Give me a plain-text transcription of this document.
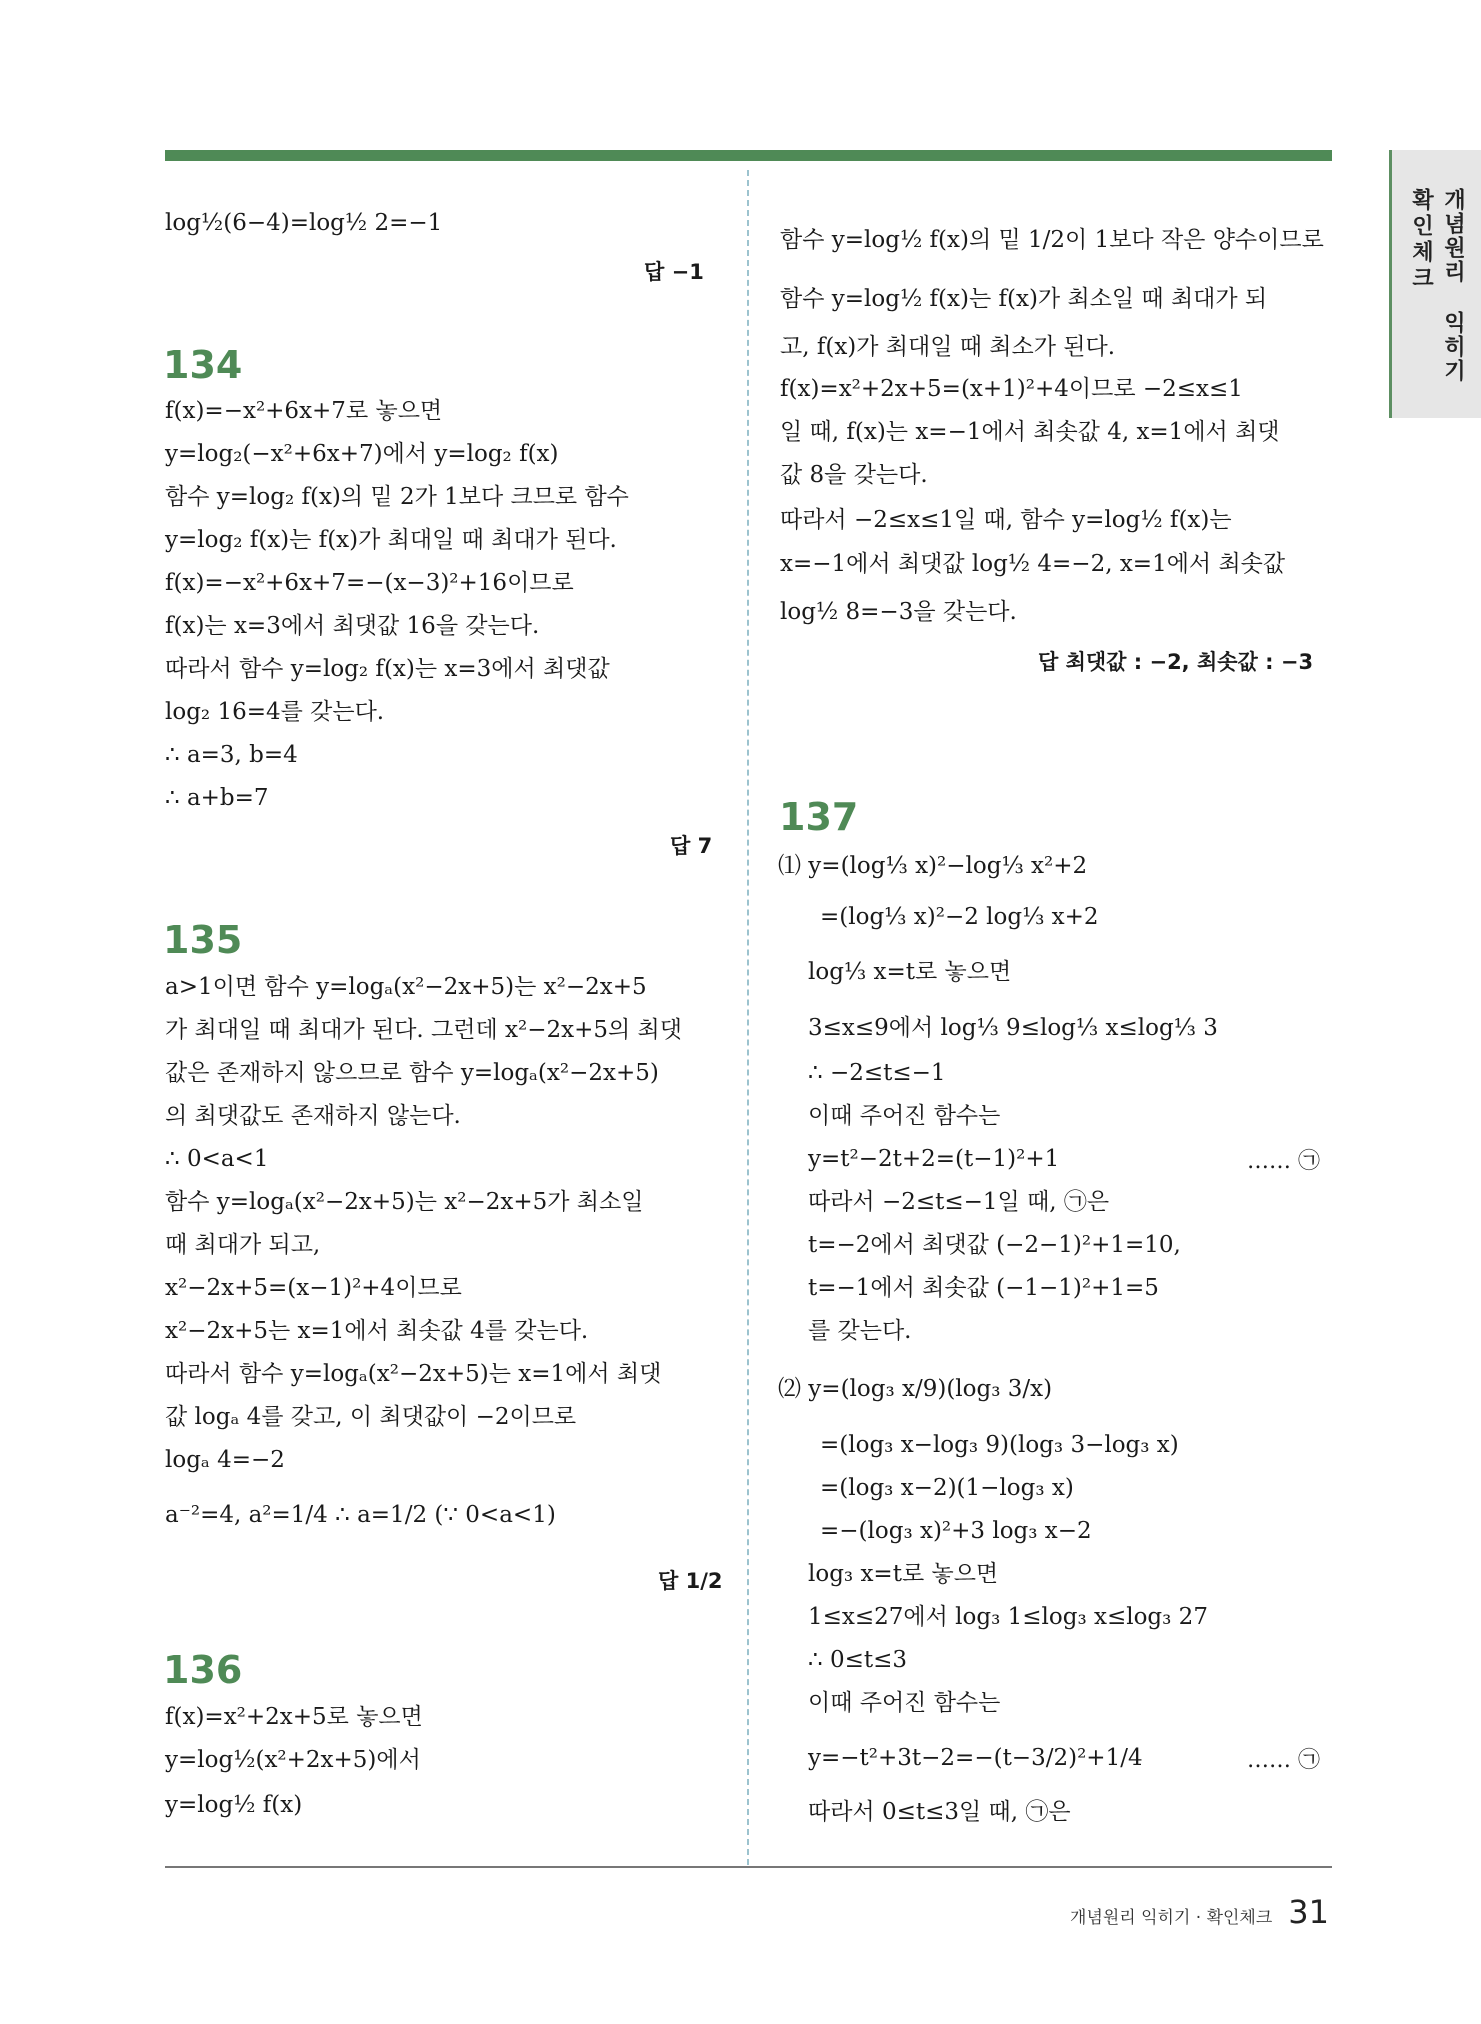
개념원리 익히기
확인체크
log½(6−4)=log½ 2=−1
답 −1
134
f(x)=−x²+6x+7로 놓으면
y=log₂(−x²+6x+7)에서 y=log₂ f(x)
함수 y=log₂ f(x)의 밑 2가 1보다 크므로 함수
y=log₂ f(x)는 f(x)가 최대일 때 최대가 된다.
f(x)=−x²+6x+7=−(x−3)²+16이므로
f(x)는 x=3에서 최댓값 16을 갖는다.
따라서 함수 y=log₂ f(x)는 x=3에서 최댓값
log₂ 16=4를 갖는다.
∴ a=3, b=4
∴ a+b=7
답 7
135
a>1이면 함수 y=logₐ(x²−2x+5)는 x²−2x+5
가 최대일 때 최대가 된다. 그런데 x²−2x+5의 최댓
값은 존재하지 않으므로 함수 y=logₐ(x²−2x+5)
의 최댓값도 존재하지 않는다.
∴ 0<a<1
함수 y=logₐ(x²−2x+5)는 x²−2x+5가 최소일
때 최대가 되고,
x²−2x+5=(x−1)²+4이므로
x²−2x+5는 x=1에서 최솟값 4를 갖는다.
따라서 함수 y=logₐ(x²−2x+5)는 x=1에서 최댓
값 logₐ 4를 갖고, 이 최댓값이 −2이므로
logₐ 4=−2
a⁻²=4, a²=1/4 ∴ a=1/2 (∵ 0<a<1)
답 1/2
136
f(x)=x²+2x+5로 놓으면
y=log½(x²+2x+5)에서
y=log½ f(x)
함수 y=log½ f(x)의 밑 1/2이 1보다 작은 양수이므로
함수 y=log½ f(x)는 f(x)가 최소일 때 최대가 되
고, f(x)가 최대일 때 최소가 된다.
f(x)=x²+2x+5=(x+1)²+4이므로 −2≤x≤1
일 때, f(x)는 x=−1에서 최솟값 4, x=1에서 최댓
값 8을 갖는다.
따라서 −2≤x≤1일 때, 함수 y=log½ f(x)는
x=−1에서 최댓값 log½ 4=−2, x=1에서 최솟값
log½ 8=−3을 갖는다.
답 최댓값 : −2, 최솟값 : −3
137
⑴ y=(log⅓ x)²−log⅓ x²+2
=(log⅓ x)²−2 log⅓ x+2
log⅓ x=t로 놓으면
3≤x≤9에서 log⅓ 9≤log⅓ x≤log⅓ 3
∴ −2≤t≤−1
이때 주어진 함수는
y=t²−2t+2=(t−1)²+1	…… ㉠
따라서 −2≤t≤−1일 때, ㉠은
t=−2에서 최댓값 (−2−1)²+1=10,
t=−1에서 최솟값 (−1−1)²+1=5
를 갖는다.
⑵ y=(log₃ x/9)(log₃ 3/x)
=(log₃ x−log₃ 9)(log₃ 3−log₃ x)
=(log₃ x−2)(1−log₃ x)
=−(log₃ x)²+3 log₃ x−2
log₃ x=t로 놓으면
1≤x≤27에서 log₃ 1≤log₃ x≤log₃ 27
∴ 0≤t≤3
이때 주어진 함수는
y=−t²+3t−2=−(t−3/2)²+1/4	…… ㉠
따라서 0≤t≤3일 때, ㉠은
개념원리 익히기 · 확인체크 31
